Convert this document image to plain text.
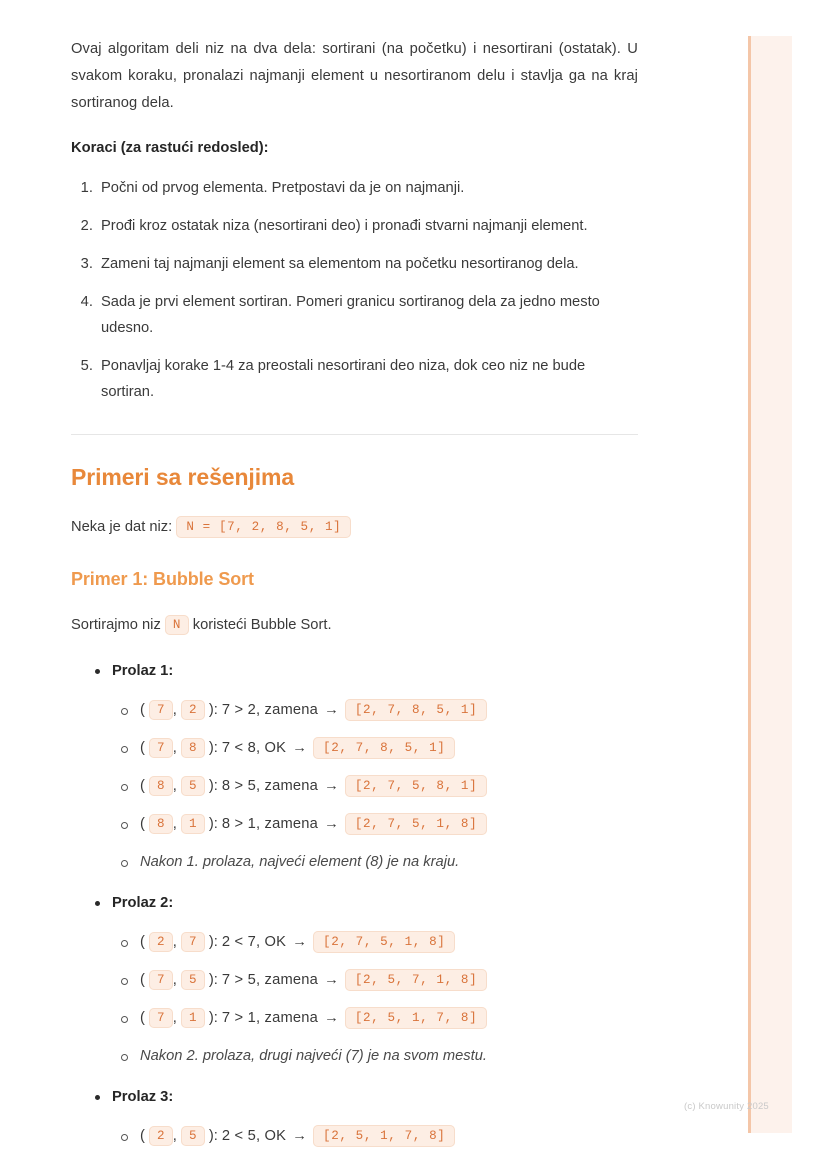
Ovaj algoritam deli niz na dva dela: sortirani (na početku) i nesortirani (ostatak). U svakom koraku, pronalazi najmanji element u nesortiranom delu i stavlja ga na kraj sortiranog dela.

Koraci (za rastući redosled):

1. Počni od prvog elementa. Pretpostavi da je on najmanji.
2. Prođi kroz ostatak niza (nesortirani deo) i pronađi stvarni najmanji element.
3. Zameni taj najmanji element sa elementom na početku nesortiranog dela.
4. Sada je prvi element sortiran. Pomeri granicu sortiranog dela za jedno mesto udesno.
5. Ponavljaj korake 1-4 za preostali nesortirani deo niza, dok ceo niz ne bude sortiran.
Primeri sa rešenjima

Neka je dat niz: N = [7, 2, 8, 5, 1]

Primer 1: Bubble Sort

Sortirajmo niz N koristeći Bubble Sort.

Prolaz 1:
( 7 , 2 ): 7 > 2, zamena → [2, 7, 8, 5, 1]
( 7 , 8 ): 7 < 8, OK → [2, 7, 8, 5, 1]
( 8 , 5 ): 8 > 5, zamena → [2, 7, 5, 8, 1]
( 8 , 1 ): 8 > 1, zamena → [2, 7, 5, 1, 8]
Nakon 1. prolaza, najveći element (8) je na kraju.
Prolaz 2:
( 2 , 7 ): 2 < 7, OK → [2, 7, 5, 1, 8]
( 7 , 5 ): 7 > 5, zamena → [2, 5, 7, 1, 8]
( 7 , 1 ): 7 > 1, zamena → [2, 5, 1, 7, 8]
Nakon 2. prolaza, drugi najveći (7) je na svom mestu.
Prolaz 3:
( 2 , 5 ): 2 < 5, OK → [2, 5, 1, 7, 8]
(c) Knowunity 2025
